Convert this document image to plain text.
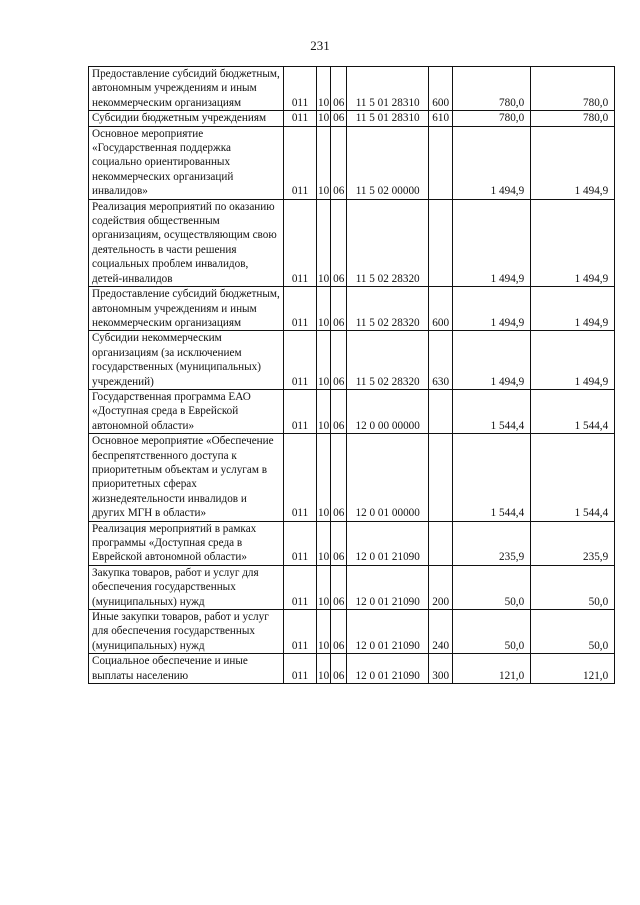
231
Предоставление субсидий бюджетным, автономным учреждениям и иным некоммерческим организациям	011	10	06	11 5 01 28310	600	780,0	780,0
Субсидии бюджетным учреждениям	011	10	06	11 5 01 28310	610	780,0	780,0
Основное мероприятие «Государственная поддержка социально ориентированных некоммерческих организаций инвалидов»	011	10	06	11 5 02 00000		1 494,9	1 494,9
Реализация мероприятий по оказанию содействия общественным организациям, осуществляющим свою деятельность в части решения социальных проблем инвалидов, детей-инвалидов	011	10	06	11 5 02 28320		1 494,9	1 494,9
Предоставление субсидий бюджетным, автономным учреждениям и иным некоммерческим организациям	011	10	06	11 5 02 28320	600	1 494,9	1 494,9
Субсидии некоммерческим организациям (за исключением государственных (муниципальных) учреждений)	011	10	06	11 5 02 28320	630	1 494,9	1 494,9
Государственная программа ЕАО «Доступная среда в Еврейской автономной области»	011	10	06	12 0 00 00000		1 544,4	1 544,4
Основное мероприятие «Обеспечение беспрепятственного доступа к приоритетным объектам и услугам в приоритетных сферах жизнедеятельности инвалидов и других МГН в области»	011	10	06	12 0 01 00000		1 544,4	1 544,4
Реализация мероприятий в рамках программы «Доступная среда в Еврейской автономной области»	011	10	06	12 0 01 21090		235,9	235,9
Закупка товаров, работ и услуг для обеспечения государственных (муниципальных) нужд	011	10	06	12 0 01 21090	200	50,0	50,0
Иные закупки товаров, работ и услуг для обеспечения государственных (муниципальных) нужд	011	10	06	12 0 01 21090	240	50,0	50,0
Социальное обеспечение и иные выплаты населению	011	10	06	12 0 01 21090	300	121,0	121,0
